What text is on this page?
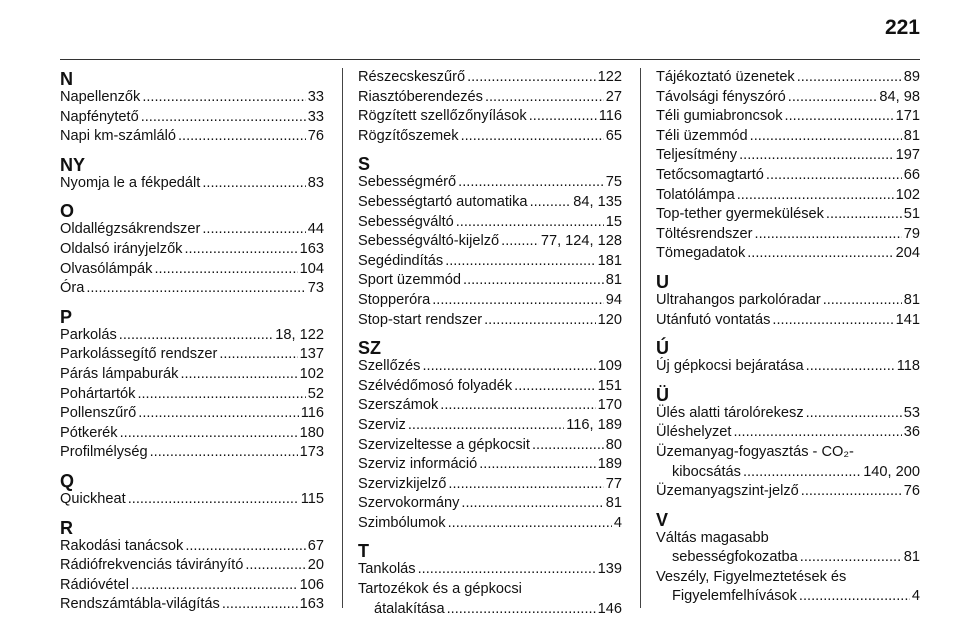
221
N
Napellenzők .....	33
Napfénytető .....	33
Napi km-számláló .....	76
NY
Nyomja le a fékpedált .....	83
O
Oldallégzsákrendszer .....	44
Oldalsó irányjelzők .....	163
Olvasólámpák .....	104
Óra .....	73
P
Parkolás .....	18, 122
Parkolássegítő rendszer .....	137
Párás lámpaburák .....	102
Pohártartók .....	52
Pollenszűrő .....	116
Pótkerék .....	180
Profilmélység .....	173
Q
Quickheat .....	115
R
Rakodási tanácsok .....	67
Rádiófrekvenciás távirányító .....	20
Rádióvétel .....	106
Rendszámtábla-világítás .....	163
Részecskeszűrő .....	122
Riasztóberendezés .....	27
Rögzített szellőzőnyílások .....	116
Rögzítőszemek .....	65
S
Sebességmérő .....	75
Sebességtartó automatika .....	84, 135
Sebességváltó .....	15
Sebességváltó-kijelző .....	77, 124, 128
Segédindítás .....	181
Sport üzemmód .....	81
Stopperóra .....	94
Stop-start rendszer .....	120
SZ
Szellőzés .....	109
Szélvédőmosó folyadék .....	151
Szerszámok .....	170
Szerviz .....	116, 189
Szervizeltesse a gépkocsit .....	80
Szerviz információ .....	189
Szervizkijelző .....	77
Szervokormány .....	81
Szimbólumok .....	4
T
Tankolás .....	139
Tartozékok és a gépkocsi
átalakítása .....	146
Tájékoztató üzenetek .....	89
Távolsági fényszóró .....	84, 98
Téli gumiabroncsok .....	171
Téli üzemmód .....	81
Teljesítmény .....	197
Tetőcsomagtartó .....	66
Tolatólámpa .....	102
Top-tether gyermekülések .....	51
Töltésrendszer .....	79
Tömegadatok .....	204
U
Ultrahangos parkolóradar .....	81
Utánfutó vontatás .....	141
Ú
Új gépkocsi bejáratása .....	118
Ü
Ülés alatti tárolórekesz .....	53
Üléshelyzet .....	36
Üzemanyag-fogyasztás - CO₂-
kibocsátás .....	140, 200
Üzemanyagszint-jelző .....	76
V
Váltás magasabb
sebességfokozatba .....	81
Veszély, Figyelmeztetések és
Figyelemfelhívások .....	4
